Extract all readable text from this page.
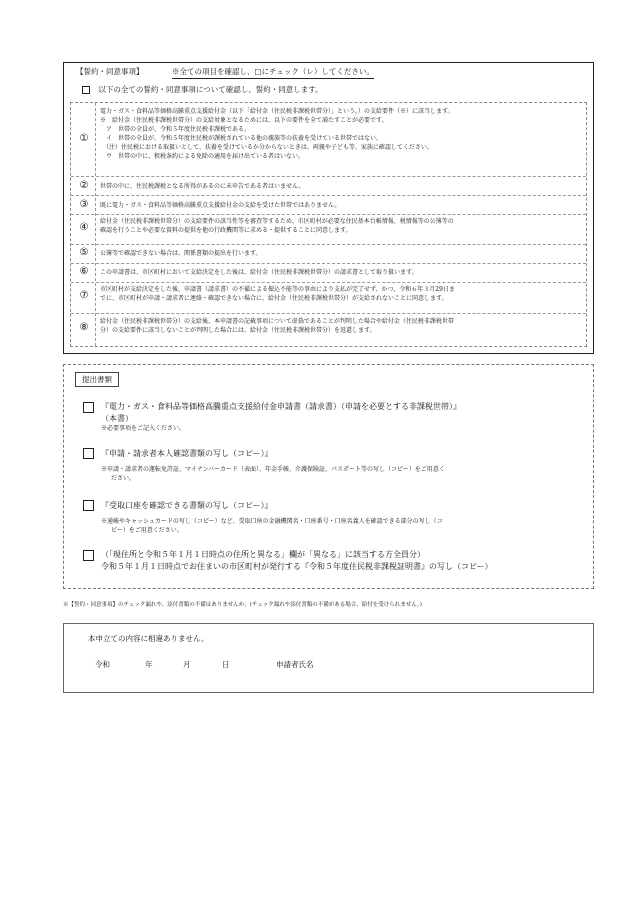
【誓約・同意事項】	※全ての項目を確認し、□にチェック（レ）してください。
以下の全ての誓約・同意事項について確認し、誓約・同意します。
①
電力・ガス・食料品等価格高騰重点支援給付金（以下「給付金（住民税非課税世帯分）」という。）の支給要件（※）に該当します。
※　給付金（住民税非課税世帯分）の支給対象となるためには、以下の要件を全て満たすことが必要です。
　ア　世帯の全員が、令和５年度住民税非課税である。
　イ　世帯の全員が、令和５年度住民税が課税されている他の親族等の扶養を受けている世帯ではない。
　（注）住民税における取扱いとして、扶養を受けているか分からないときは、両親や子ども等、家族に確認してください。
　ウ　世帯の中に、租税条約による免除の適用を届け出ている者はいない。
②	世帯の中に、住民税課税となる所得があるのに未申告である者はいません。
③	既に電力・ガス・食料品等価格高騰重点支援給付金の支給を受けた世帯ではありません。
④
給付金（住民税非課税世帯分）の支給要件の該当性等を審査等するため、市区町村が必要な住民基本台帳情報、税情報等の公簿等の
確認を行うことや必要な資料の提供を他の行政機関等に求める・提供することに同意します。
⑤	公簿等で確認できない場合は、関係書類の提出を行います。
⑥	この申請書は、市区町村において支給決定をした後は、給付金（住民税非課税世帯分）の請求書として取り扱います。
⑦
市区町村が支給決定をした後、申請書（請求書）の不備による振込不能等の事由により支払が完了せず、かつ、令和６年３月29日ま
でに、市区町村が申請・請求者に連絡・確認できない場合に、給付金（住民税非課税世帯分）が支給されないことに同意します。
⑧
給付金（住民税非課税世帯分）の支給後、本申請書の記載事項について虚偽であることが判明した場合や給付金（住民税非課税世帯
分）の支給要件に該当しないことが判明した場合には、給付金（住民税非課税世帯分）を返還します。
提出書類
『電力・ガス・食料品等価格高騰重点支援給付金申請書（請求書）（申請を必要とする非課税世帯）』
（本書）
※必要事項をご記入ください。
『申請・請求者本人確認書類の写し（コピー）』
※申請・請求者の運転免許証、マイナンバーカード（表面）、年金手帳、介護保険証、パスポート等の写し（コピー）をご用意く
ださい。
『受取口座を確認できる書類の写し（コピー）』
※通帳やキャッシュカードの写し（コピー）など、受取口座の金融機関名・口座番号・口座名義人を確認できる部分の写し（コ
ピー）をご用意ください。
（「現住所と令和５年１月１日時点の住所と異なる」欄が「異なる」に該当する方全員分）
令和５年１月１日時点でお住まいの市区町村が発行する『令和５年度住民税非課税証明書』の写し（コピー）
※【誓約・同意事項】のチェック漏れや、添付書類の不備はありませんか。(チェック漏れや添付書類の不備がある場合、給付を受けられません。)
本申立ての内容に相違ありません。
令和	年	月	日	申請者氏名
